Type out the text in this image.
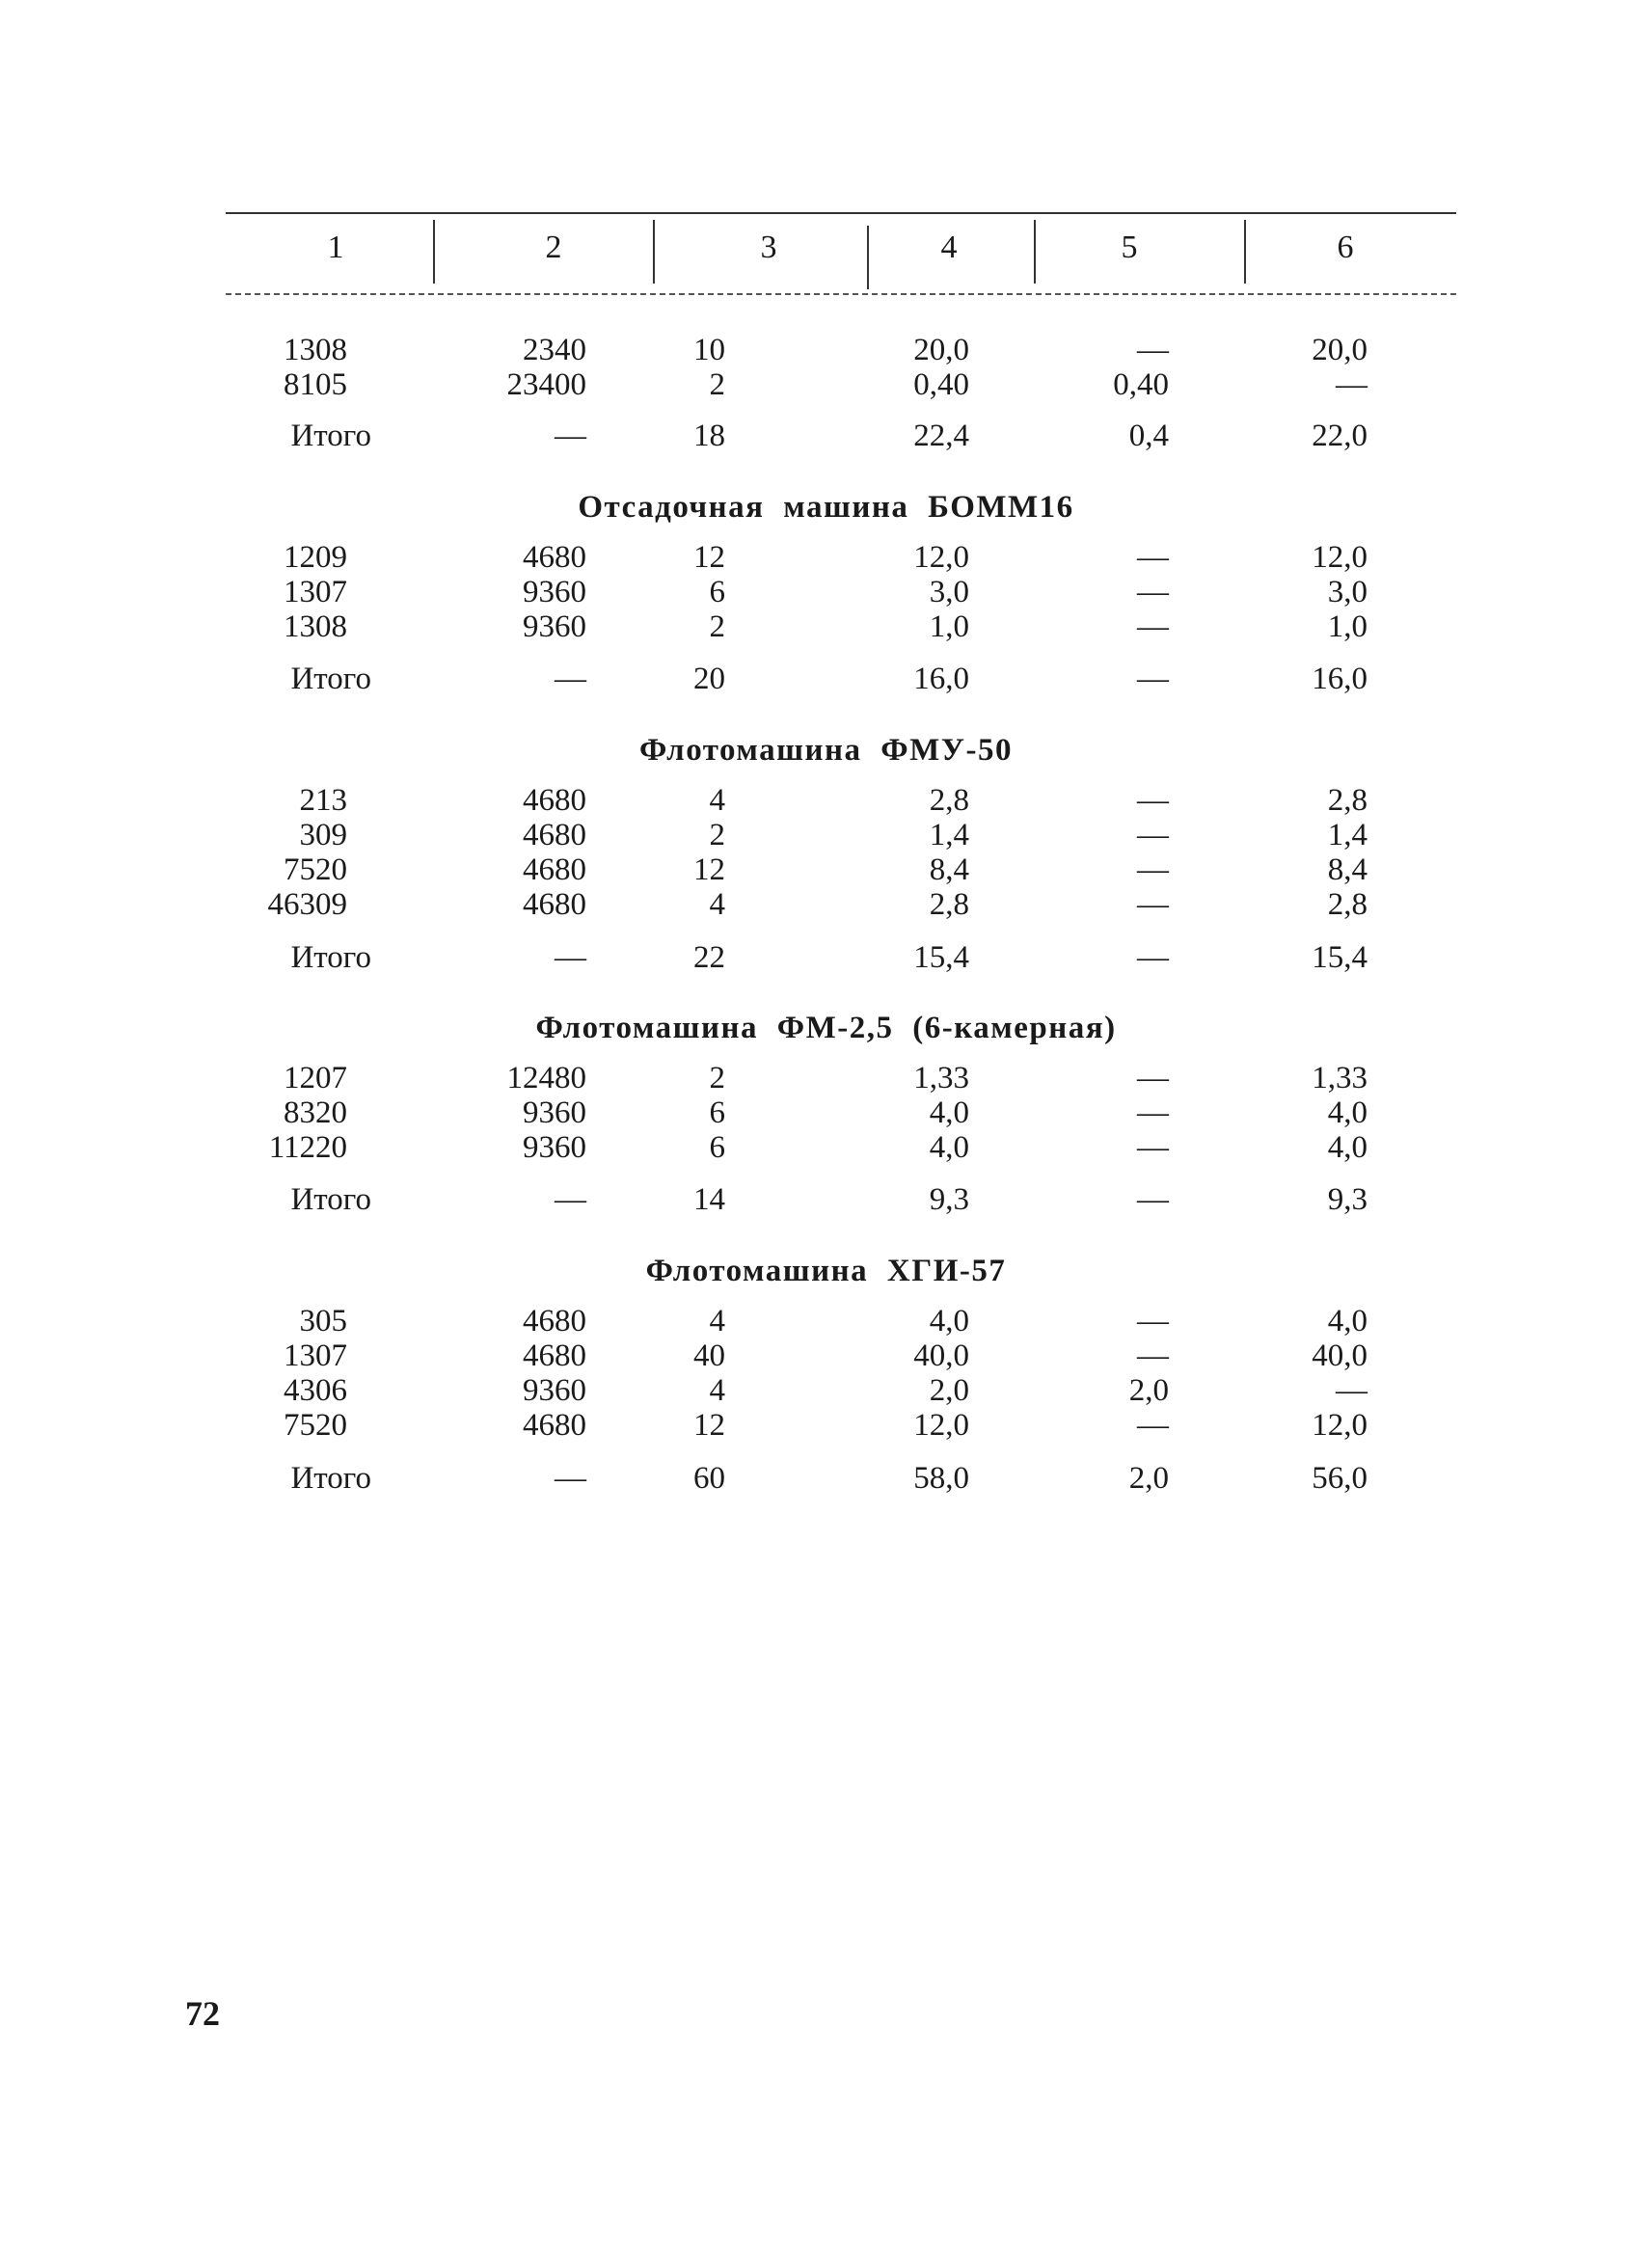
1	2	3	4	5	6
1308	2340	10	20,0	—	20,0
8105	23400	2	0,40	0,40	—
Итого	—	18	22,4	0,4	22,0
Отсадочная машина БОММ16
1209	4680	12	12,0	—	12,0
1307	9360	6	3,0	—	3,0
1308	9360	2	1,0	—	1,0
Итого	—	20	16,0	—	16,0
Флотомашина ФМУ-50
213	4680	4	2,8	—	2,8
309	4680	2	1,4	—	1,4
7520	4680	12	8,4	—	8,4
46309	4680	4	2,8	—	2,8
Итого	—	22	15,4	—	15,4
Флотомашина ФМ-2,5 (6-камерная)
1207	12480	2	1,33	—	1,33
8320	9360	6	4,0	—	4,0
11220	9360	6	4,0	—	4,0
Итого	—	14	9,3	—	9,3
Флотомашина ХГИ-57
305	4680	4	4,0	—	4,0
1307	4680	40	40,0	—	40,0
4306	9360	4	2,0	2,0	—
7520	4680	12	12,0	—	12,0
Итого	—	60	58,0	2,0	56,0
72
